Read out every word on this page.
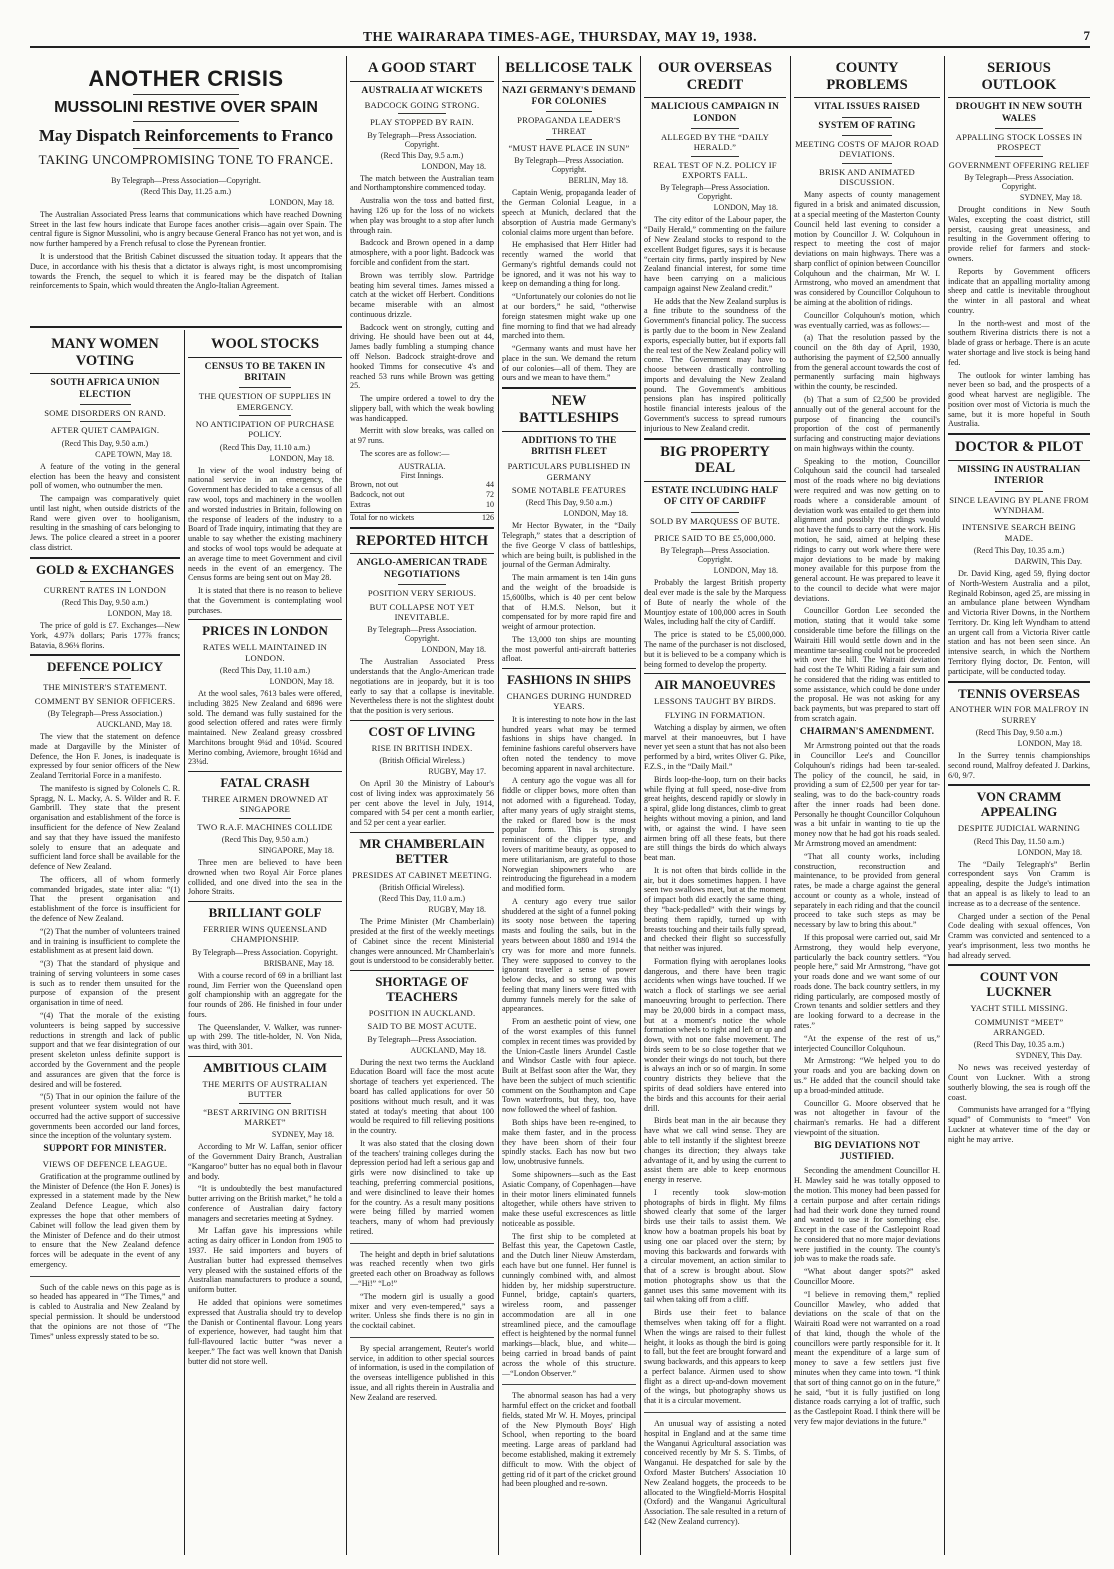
THE WAIRARAPA TIMES-AGE, THURSDAY, MAY 19, 1938.	7
ANOTHER CRISIS
MUSSOLINI RESTIVE OVER SPAIN
May Dispatch Reinforcements to Franco
TAKING UNCOMPROMISING TONE TO FRANCE.
By Telegraph—Press Association—Copyright.
(Recd This Day, 11.25 a.m.)
LONDON, May 18.

The Australian Associated Press learns that communications which have reached Downing Street in the last few hours indicate that Europe faces another crisis—again over Spain. The central figure is Signor Mussolini, who is angry because General Franco has not yet won, and is now further hampered by a French refusal to close the Pyrenean frontier.

It is understood that the British Cabinet discussed the situation today. It appears that the Duce, in accordance with his thesis that a dictator is always right, is most uncompromising towards the French, the sequel to which it is feared may be the dispatch of Italian reinforcements to Spain, which would threaten the Anglo-Italian Agreement.

MANY WOMEN VOTING
SOUTH AFRICA UNION ELECTION
SOME DISORDERS ON RAND.
AFTER QUIET CAMPAIGN.
(Recd This Day, 9.50 a.m.)
CAPE TOWN, May 18.

A feature of the voting in the general election has been the heavy and consistent poll of women, who outnumber the men.

The campaign was comparatively quiet until last night, when outside districts of the Rand were given over to hooliganism, resulting in the smashing of cars belonging to Jews. The police cleared a street in a poorer class district.

GOLD & EXCHANGES
CURRENT RATES IN LONDON
(Recd This Day, 9.50 a.m.)
LONDON, May 18.

The price of gold is £7. Exchanges—New York, 4.97⅞ dollars; Paris 177⅞ francs; Batavia, 8.96⅛ florins.

DEFENCE POLICY
THE MINISTER'S STATEMENT.
COMMENT BY SENIOR OFFICERS.
(By Telegraph—Press Association.)
AUCKLAND, May 18.

The view that the statement on defence made at Dargaville by the Minister of Defence, the Hon F. Jones, is inadequate is expressed by four senior officers of the New Zealand Territorial Force in a manifesto.

The manifesto is signed by Colonels C. R. Spragg, N. L. Macky, A. S. Wilder and R. F. Gambrill. They state that the present organisation and establishment of the force is insufficient for the defence of New Zealand and say that they have issued the manifesto solely to ensure that an adequate and sufficient land force shall be available for the defence of New Zealand.

The officers, all of whom formerly commanded brigades, state inter alia: “(1) That the present organisation and establishment of the force is insufficient for the defence of New Zealand.

“(2) That the number of volunteers trained and in training is insufficient to complete the establishment as at present laid down.

“(3) That the standard of physique and training of serving volunteers in some cases is such as to render them unsuited for the purpose of expansion of the present organisation in time of need.

“(4) That the morale of the existing volunteers is being sapped by successive reductions in strength and lack of public support and that we fear disintegration of our present skeleton unless definite support is accorded by the Government and the people and assurances are given that the force is desired and will be fostered.

“(5) That in our opinion the failure of the present volunteer system would not have occurred had the active support of successive governments been accorded our land forces, since the inception of the voluntary system.

SUPPORT FOR MINISTER.
VIEWS OF DEFENCE LEAGUE.

Gratification at the programme outlined by the Minister of Defence (the Hon F. Jones) is expressed in a statement made by the New Zealand Defence League, which also expresses the hope that other members of Cabinet will follow the lead given them by the Minister of Defence and do their utmost to ensure that the New Zealand defence forces will be adequate in the event of any emergency.

Such of the cable news on this page as is so headed has appeared in “The Times,” and is cabled to Australia and New Zealand by special permission. It should be understood that the opinions are not those of “The Times” unless expressly stated to be so.

WOOL STOCKS
CENSUS TO BE TAKEN IN BRITAIN
THE QUESTION OF SUPPLIES IN EMERGENCY.
NO ANTICIPATION OF PURCHASE POLICY.
(Recd This Day, 11.10 a.m.)
LONDON, May 18.

In view of the wool industry being of national service in an emergency, the Government has decided to take a census of all raw wool, tops and machinery in the woollen and worsted industries in Britain, following on the response of leaders of the industry to a Board of Trade inquiry, intimating that they are unable to say whether the existing machinery and stocks of wool tops would be adequate at an average time to meet Government and civil needs in the event of an emergency. The Census forms are being sent out on May 28.

It is stated that there is no reason to believe that the Government is contemplating wool purchases.

PRICES IN LONDON
RATES WELL MAINTAINED IN LONDON.
(Recd This Day, 11.10 a.m.)
LONDON, May 18.

At the wool sales, 7613 bales were offered, including 3825 New Zealand and 6896 were sold. The demand was fully sustained for the good selection offered and rates were firmly maintained. New Zealand greasy crossbred Marchitons brought 9¼d and 10¼d. Scoured Merino combing, Aviemore, brought 16¼d and 23¼d.

FATAL CRASH
THREE AIRMEN DROWNED AT SINGAPORE
TWO R.A.F. MACHINES COLLIDE
(Recd This Day, 9.50 a.m.)
SINGAPORE, May 18.

Three men are believed to have been drowned when two Royal Air Force planes collided, and one dived into the sea in the Johore Straits.

BRILLIANT GOLF
FERRIER WINS QUEENSLAND CHAMPIONSHIP.
By Telegraph—Press Association. Copyright.
BRISBANE, May 18.

With a course record of 69 in a brilliant last round, Jim Ferrier won the Queensland open golf championship with an aggregate for the four rounds of 286. He finished in four under fours.

The Queenslander, V. Walker, was runner-up with 299. The title-holder, N. Von Nida, was third, with 301.

AMBITIOUS CLAIM
THE MERITS OF AUSTRALIAN BUTTER
“BEST ARRIVING ON BRITISH MARKET”
SYDNEY, May 18.

According to Mr W. Laffan, senior officer of the Government Dairy Branch, Australian “Kangaroo” butter has no equal both in flavour and body.

“It is undoubtedly the best manufactured butter arriving on the British market,” he told a conference of Australian dairy factory managers and secretaries meeting at Sydney.

Mr Laffan gave his impressions while acting as dairy officer in London from 1905 to 1937. He said importers and buyers of Australian butter had expressed themselves very pleased with the sustained efforts of the Australian manufacturers to produce a sound, uniform butter.

He added that opinions were sometimes expressed that Australia should try to develop the Danish or Continental flavour. Long years of experience, however, had taught him that full-flavoured lactic butter “was never a keeper.” The fact was well known that Danish butter did not store well.

A GOOD START
AUSTRALIA AT WICKETS
BADCOCK GOING STRONG.
PLAY STOPPED BY RAIN.
By Telegraph—Press Association. Copyright.
(Recd This Day, 9.5 a.m.)
LONDON, May 18.

The match between the Australian team and Northamptonshire commenced today.

Australia won the toss and batted first, having 126 up for the loss of no wickets when play was brought to a stop after lunch through rain.

Badcock and Brown opened in a damp atmosphere, with a poor light. Badcock was forcible and confident from the start.

Brown was terribly slow. Partridge beating him several times. James missed a catch at the wicket off Herbert. Conditions became miserable with an almost continuous drizzle.

Badcock went on strongly, cutting and driving. He should have been out at 44, James badly fumbling a stumping chance off Nelson. Badcock straight-drove and hooked Timms for consecutive 4's and reached 53 runs while Brown was getting 25.

The umpire ordered a towel to dry the slippery ball, with which the weak bowling was handicapped.

Merritt with slow breaks, was called on at 97 runs.

The scores are as follow:—

AUSTRALIA.
First Innings.
Brown, not out	44
Badcock, not out	72
Extras	10
Total for no wickets	126
REPORTED HITCH
ANGLO-AMERICAN TRADE NEGOTIATIONS
POSITION VERY SERIOUS.
BUT COLLAPSE NOT YET INEVITABLE.
By Telegraph—Press Association. Copyright.
LONDON, May 18.

The Australian Associated Press understands that the Anglo-American trade negotiations are in jeopardy, but it is too early to say that a collapse is inevitable. Nevertheless there is not the slightest doubt that the position is very serious.

COST OF LIVING
RISE IN BRITISH INDEX.
(British Official Wireless.)
RUGBY, May 17.

On April 30 the Ministry of Labour's cost of living index was approximately 56 per cent above the level in July, 1914, compared with 54 per cent a month earlier, and 52 per cent a year earlier.

MR CHAMBERLAIN BETTER
PRESIDES AT CABINET MEETING.
(British Official Wireless).
(Recd This Day, 11.0 a.m.)
RUGBY, May 18.

The Prime Minister (Mr Chamberlain) presided at the first of the weekly meetings of Cabinet since the recent Ministerial changes were announced. Mr Chamberlain's gout is understood to be considerably better.

SHORTAGE OF TEACHERS
POSITION IN AUCKLAND.
SAID TO BE MOST ACUTE.
By Telegraph—Press Association.
AUCKLAND, May 18.

During the next two terms the Auckland Education Board will face the most acute shortage of teachers yet experienced. The board has called applications for over 50 positions without much result, and it was stated at today's meeting that about 100 would be required to fill relieving positions in the country.

It was also stated that the closing down of the teachers' training colleges during the depression period had left a serious gap and girls were now disinclined to take up teaching, preferring commercial positions, and were disinclined to leave their homes for the country. As a result many positions were being filled by married women teachers, many of whom had previously retired.

The height and depth in brief salutations was reached recently when two girls greeted each other on Broadway as follows—“Hi!” “Lo!”

“The modern girl is usually a good mixer and very even-tempered,” says a writer. Unless she finds there is no gin in the cocktail cabinet.

By special arrangement, Reuter's world service, in addition to other special sources of information, is used in the compilation of the overseas intelligence published in this issue, and all rights therein in Australia and New Zealand are reserved.

BELLICOSE TALK
NAZI GERMANY'S DEMAND FOR COLONIES
PROPAGANDA LEADER'S THREAT
“MUST HAVE PLACE IN SUN”
By Telegraph—Press Association. Copyright.
BERLIN, May 18.

Captain Wenig, propaganda leader of the German Colonial League, in a speech at Munich, declared that the absorption of Austria made Germany's colonial claims more urgent than before.

He emphasised that Herr Hitler had recently warned the world that Germany's rightful demands could not be ignored, and it was not his way to keep on demanding a thing for long.

“Unfortunately our colonies do not lie at our borders,” he said, “otherwise foreign statesmen might wake up one fine morning to find that we had already marched into them.

“Germany wants and must have her place in the sun. We demand the return of our colonies—all of them. They are ours and we mean to have them.”

NEW BATTLESHIPS
ADDITIONS TO THE BRITISH FLEET
PARTICULARS PUBLISHED IN GERMANY
SOME NOTABLE FEATURES
(Recd This Day, 9.50 a.m.)
LONDON, May 18.

Mr Hector Bywater, in the “Daily Telegraph,” states that a description of the five George V class of battleships, which are being built, is published in the journal of the German Admiralty.

The main armament is ten 14in guns and the weight of the broadside is 15,600lbs, which is 40 per cent below that of H.M.S. Nelson, but it compensated for by more rapid fire and weight of armour protection.

The 13,000 ton ships are mounting the most powerful anti-aircraft batteries afloat.

FASHIONS IN SHIPS
CHANGES DURING HUNDRED YEARS.

It is interesting to note how in the last hundred years what may be termed fashions in ships have changed. In feminine fashions careful observers have often noted the tendency to move becoming apparent in naval architecture.

A century ago the vogue was all for fiddle or clipper bows, more often than not adorned with a figurehead. Today, after many years of ugly straight stems, the raked or flared bow is the most popular form. This is strongly reminiscent of the clipper type, and lovers of maritime beauty, as opposed to mere utilitarianism, are grateful to those Norwegian shipowners who are reintroducing the figurehead in a modern and modified form.

A century ago every true sailor shuddered at the sight of a funnel poking its sooty nose between the tapering masts and fouling the sails, but in the years between about 1880 and 1914 the cry was for more and more funnels. They were supposed to convey to the ignorant traveller a sense of power below decks, and so strong was this feeling that many liners were fitted with dummy funnels merely for the sake of appearances.

From an aesthetic point of view, one of the worst examples of this funnel complex in recent times was provided by the Union-Castle liners Arundel Castle and Windsor Castle with four apiece. Built at Belfast soon after the War, they have been the subject of much scientific comment on the Southampton and Cape Town waterfronts, but they, too, have now followed the wheel of fashion.

Both ships have been re-engined, to make them faster, and in the process they have been shorn of their four spindly stacks. Each has now but two low, unobtrusive funnels.

Some shipowners—such as the East Asiatic Company, of Copenhagen—have in their motor liners eliminated funnels altogether, while others have striven to make these useful excrescences as little noticeable as possible.

The first ship to be completed at Belfast this year, the Capetown Castle, and the Dutch liner Nieuw Amsterdam, each have but one funnel. Her funnel is cunningly combined with, and almost hidden by, her midship superstructure. Funnel, bridge, captain's quarters, wireless room, and passenger accommodation are all in one streamlined piece, and the camouflage effect is heightened by the normal funnel markings—black, blue, and white—being carried in broad bands of paint across the whole of this structure.—“London Observer.”

The abnormal season has had a very harmful effect on the cricket and football fields, stated Mr W. H. Moyes, principal of the New Plymouth Boys' High School, when reporting to the board meeting. Large areas of parkland had become established, making it extremely difficult to mow. With the object of getting rid of it part of the cricket ground had been ploughed and re-sown.

OUR OVERSEAS CREDIT
MALICIOUS CAMPAIGN IN LONDON
ALLEGED BY THE “DAILY HERALD.”
REAL TEST OF N.Z. POLICY IF EXPORTS FALL.
By Telegraph—Press Association. Copyright.
LONDON, May 18.

The city editor of the Labour paper, the “Daily Herald,” commenting on the failure of New Zealand stocks to respond to the excellent Budget figures, says it is because “certain city firms, partly inspired by New Zealand financial interest, for some time have been carrying on a malicious campaign against New Zealand credit.”

He adds that the New Zealand surplus is a fine tribute to the soundness of the Government's financial policy. The success is partly due to the boom in New Zealand exports, especially butter, but if exports fall the real test of the New Zealand policy will come. The Government may have to choose between drastically controlling imports and devaluing the New Zealand pound. The Government's ambitious pensions plan has inspired politically hostile financial interests jealous of the Government's success to spread rumours injurious to New Zealand credit.

BIG PROPERTY DEAL
ESTATE INCLUDING HALF OF CITY OF CARDIFF
SOLD BY MARQUESS OF BUTE.
PRICE SAID TO BE £5,000,000.
By Telegraph—Press Association. Copyright.
LONDON, May 18.

Probably the largest British property deal ever made is the sale by the Marquess of Bute of nearly the whole of the Mountjoy estate of 100,000 acres in South Wales, including half the city of Cardiff.

The price is stated to be £5,000,000. The name of the purchaser is not disclosed, but it is believed to be a company which is being formed to develop the property.

AIR MANOEUVRES
LESSONS TAUGHT BY BIRDS.
FLYING IN FORMATION.

Watching a display by airmen, we often marvel at their manoeuvres, but I have never yet seen a stunt that has not also been performed by a bird, writes Oliver G. Pike, F.Z.S., in the “Daily Mail.”

Birds loop-the-loop, turn on their backs while flying at full speed, nose-dive from great heights, descend rapidly or slowly in a spiral, glide long distances, climb to great heights without moving a pinion, and land with, or against the wind. I have seen airmen bring off all these feats, but there are still things the birds do which always beat man.

It is not often that birds collide in the air, but it does sometimes happen. I have seen two swallows meet, but at the moment of impact both did exactly the same thing, they “back-pedalled” with their wings by beating them rapidly, turned up with breasts touching and their tails fully spread, and checked their flight so successfully that neither was injured.

Formation flying with aeroplanes looks dangerous, and there have been tragic accidents when wings have touched. If we watch a flock of starlings we see aerial manoeuvring brought to perfection. There may be 20,000 birds in a compact mass, but at a moment's notice the whole formation wheels to right and left or up and down, with not one false movement. The birds seem to be so close together that we wonder their wings do not touch, but there is always an inch or so of margin. In some country districts they believe that the spirits of dead soldiers have entered into the birds and this accounts for their aerial drill.

Birds beat man in the air because they have what we call wind sense. They are able to tell instantly if the slightest breeze changes its direction; they always take advantage of it, and by using the current to assist them are able to keep enormous energy in reserve.

I recently took slow-motion photographs of birds in flight. My films showed clearly that some of the larger birds use their tails to assist them. We know how a boatman propels his boat by using one oar placed over the stern; by moving this backwards and forwards with a circular movement, an action similar to that of a screw is brought about. Slow motion photographs show us that the gannet uses this same movement with its tail when taking off from a cliff.

Birds use their feet to balance themselves when taking off for a flight. When the wings are raised to their fullest height, it looks as though the bird is going to fall, but the feet are brought forward and swung backwards, and this appears to keep a perfect balance. Airmen used to show flight as a direct up-and-down movement of the wings, but photography shows us that it is a circular movement.

An unusual way of assisting a noted hospital in England and at the same time the Wanganui Agricultural association was conceived recently by Mr S. S. Timbs, of Wanganui. He despatched for sale by the Oxford Master Butchers' Association 10 New Zealand hoggets, the proceeds to be allocated to the Wingfield-Morris Hospital (Oxford) and the Wanganui Agricultural Association. The sale resulted in a return of £42 (New Zealand currency).

COUNTY PROBLEMS
VITAL ISSUES RAISED
SYSTEM OF RATING
MEETING COSTS OF MAJOR ROAD DEVIATIONS.
BRISK AND ANIMATED DISCUSSION.

Many aspects of county management figured in a brisk and animated discussion, at a special meeting of the Masterton County Council held last evening to consider a motion by Councillor J. W. Colquhoun in respect to meeting the cost of major deviations on main highways. There was a sharp conflict of opinion between Councillor Colquhoun and the chairman, Mr W. I. Armstrong, who moved an amendment that was considered by Councillor Colquhoun to be aiming at the abolition of ridings.

Councillor Colquhoun's motion, which was eventually carried, was as follows:—

(a) That the resolution passed by the council on the 8th day of April, 1930, authorising the payment of £2,500 annually from the general account towards the cost of permanently surfacing main highways within the county, be rescinded.

(b) That a sum of £2,500 be provided annually out of the general account for the purpose of financing the council's proportion of the cost of permanently surfacing and constructing major deviations on main highways within the county.

Speaking to the motion, Councillor Colquhoun said the council had tarsealed most of the roads where no big deviations were required and was now getting on to roads where a considerable amount of deviation work was entailed to get them into alignment and possibly the ridings would not have the funds to carry out the work. His motion, he said, aimed at helping these ridings to carry out work where there were major deviations to be made by making money available for this purpose from the general account. He was prepared to leave it to the council to decide what were major deviations.

Councillor Gordon Lee seconded the motion, stating that it would take some considerable time before the fillings on the Wairaiti Hill would settle down and in the meantime tar-sealing could not be proceeded with over the hill. The Wairaiti deviation had cost the Te Whiti Riding a fair sum and he considered that the riding was entitled to some assistance, which could be done under the proposal. He was not asking for any back payments, but was prepared to start off from scratch again.

CHAIRMAN'S AMENDMENT.

Mr Armstrong pointed out that the roads in Councillor Lee's and Councillor Colquhoun's ridings had been tar-sealed. The policy of the council, he said, in providing a sum of £2,500 per year for tar-sealing, was to do the back-country roads after the inner roads had been done. Personally he thought Councillor Colquhoun was a bit unfair in wanting to tie up the money now that he had got his roads sealed. Mr Armstrong moved an amendment:

“That all county works, including construction, reconstruction and maintenance, to be provided from general rates, be made a charge against the general account or county as a whole, instead of separately in each riding and that the council proceed to take such steps as may be necessary by law to bring this about.”

If this proposal were carried out, said Mr Armstrong, they would help everyone, particularly the back country settlers. “You people here,” said Mr Armstrong, “have got your roads done and we want some of our roads done. The back country settlers, in my riding particularly, are composed mostly of Crown tenants and soldier settlers and they are looking forward to a decrease in the rates.”

“At the expense of the rest of us,” interjected Councillor Colquhoun.

Mr Armstrong: “We helped you to do your roads and you are backing down on us.” He added that the council should take up a broad-minded attitude.

Councillor G. Moore observed that he was not altogether in favour of the chairman's remarks. He had a different viewpoint of the situation.

BIG DEVIATIONS NOT JUSTIFIED.

Seconding the amendment Councillor H. H. Mawley said he was totally opposed to the motion. This money had been passed for a certain purpose and after certain ridings had had their work done they turned round and wanted to use it for something else. Except in the case of the Castlepoint Road he considered that no more major deviations were justified in the county. The county's job was to make the roads safe.

“What about danger spots?” asked Councillor Moore.

“I believe in removing them,” replied Councillor Mawley, who added that deviations on the scale of that on the Wairaiti Road were not warranted on a road of that kind, though the whole of the councillors were partly responsible for it. It meant the expenditure of a large sum of money to save a few settlers just five minutes when they came into town. “I think that sort of thing cannot go on in the future,” he said, “but it is fully justified on long distance roads carrying a lot of traffic, such as the Castlepoint Road. I think there will be very few major deviations in the future.”

SERIOUS OUTLOOK
DROUGHT IN NEW SOUTH WALES
APPALLING STOCK LOSSES IN PROSPECT
GOVERNMENT OFFERING RELIEF
By Telegraph—Press Association. Copyright.
SYDNEY, May 18.

Drought conditions in New South Wales, excepting the coast district, still persist, causing great uneasiness, and resulting in the Government offering to provide relief for farmers and stock-owners.

Reports by Government officers indicate that an appalling mortality among sheep and cattle is inevitable throughout the winter in all pastoral and wheat country.

In the north-west and most of the southern Riverina districts there is not a blade of grass or herbage. There is an acute water shortage and live stock is being hand fed.

The outlook for winter lambing has never been so bad, and the prospects of a good wheat harvest are negligible. The position over most of Victoria is much the same, but it is more hopeful in South Australia.

DOCTOR & PILOT
MISSING IN AUSTRALIAN INTERIOR
SINCE LEAVING BY PLANE FROM WYNDHAM.
INTENSIVE SEARCH BEING MADE.
(Recd This Day, 10.35 a.m.)
DARWIN, This Day.

Dr. David King, aged 59, flying doctor of North-Western Australia and a pilot, Reginald Robinson, aged 25, are missing in an ambulance plane between Wyndham and Victoria River Downs, in the Northern Territory. Dr. King left Wyndham to attend an urgent call from a Victoria River cattle station and has not been seen since. An intensive search, in which the Northern Territory flying doctor, Dr. Fenton, will participate, will be conducted today.

TENNIS OVERSEAS
ANOTHER WIN FOR MALFROY IN SURREY
(Recd This Day, 9.50 a.m.)
LONDON, May 18.

In the Surrey tennis championships second round, Malfroy defeated J. Darkins, 6/0, 9/7.

VON CRAMM APPEALING
DESPITE JUDICIAL WARNING
(Recd This Day, 11.50 a.m.)
LONDON, May 18.

The “Daily Telegraph's” Berlin correspondent says Von Cramm is appealing, despite the Judge's intimation that an appeal is as likely to lead to an increase as to a decrease of the sentence.

Charged under a section of the Penal Code dealing with sexual offences, Von Cramm was convicted and sentenced to a year's imprisonment, less two months he had already served.

COUNT VON LUCKNER
YACHT STILL MISSING.
COMMUNIST “MEET” ARRANGED.
(Recd This Day, 10.35 a.m.)
SYDNEY, This Day.

No news was received yesterday of Count von Luckner. With a strong southerly blowing, the sea is rough off the coast.

Communists have arranged for a “flying squad” of Communists to “meet” Von Luckner at whatever time of the day or night he may arrive.
